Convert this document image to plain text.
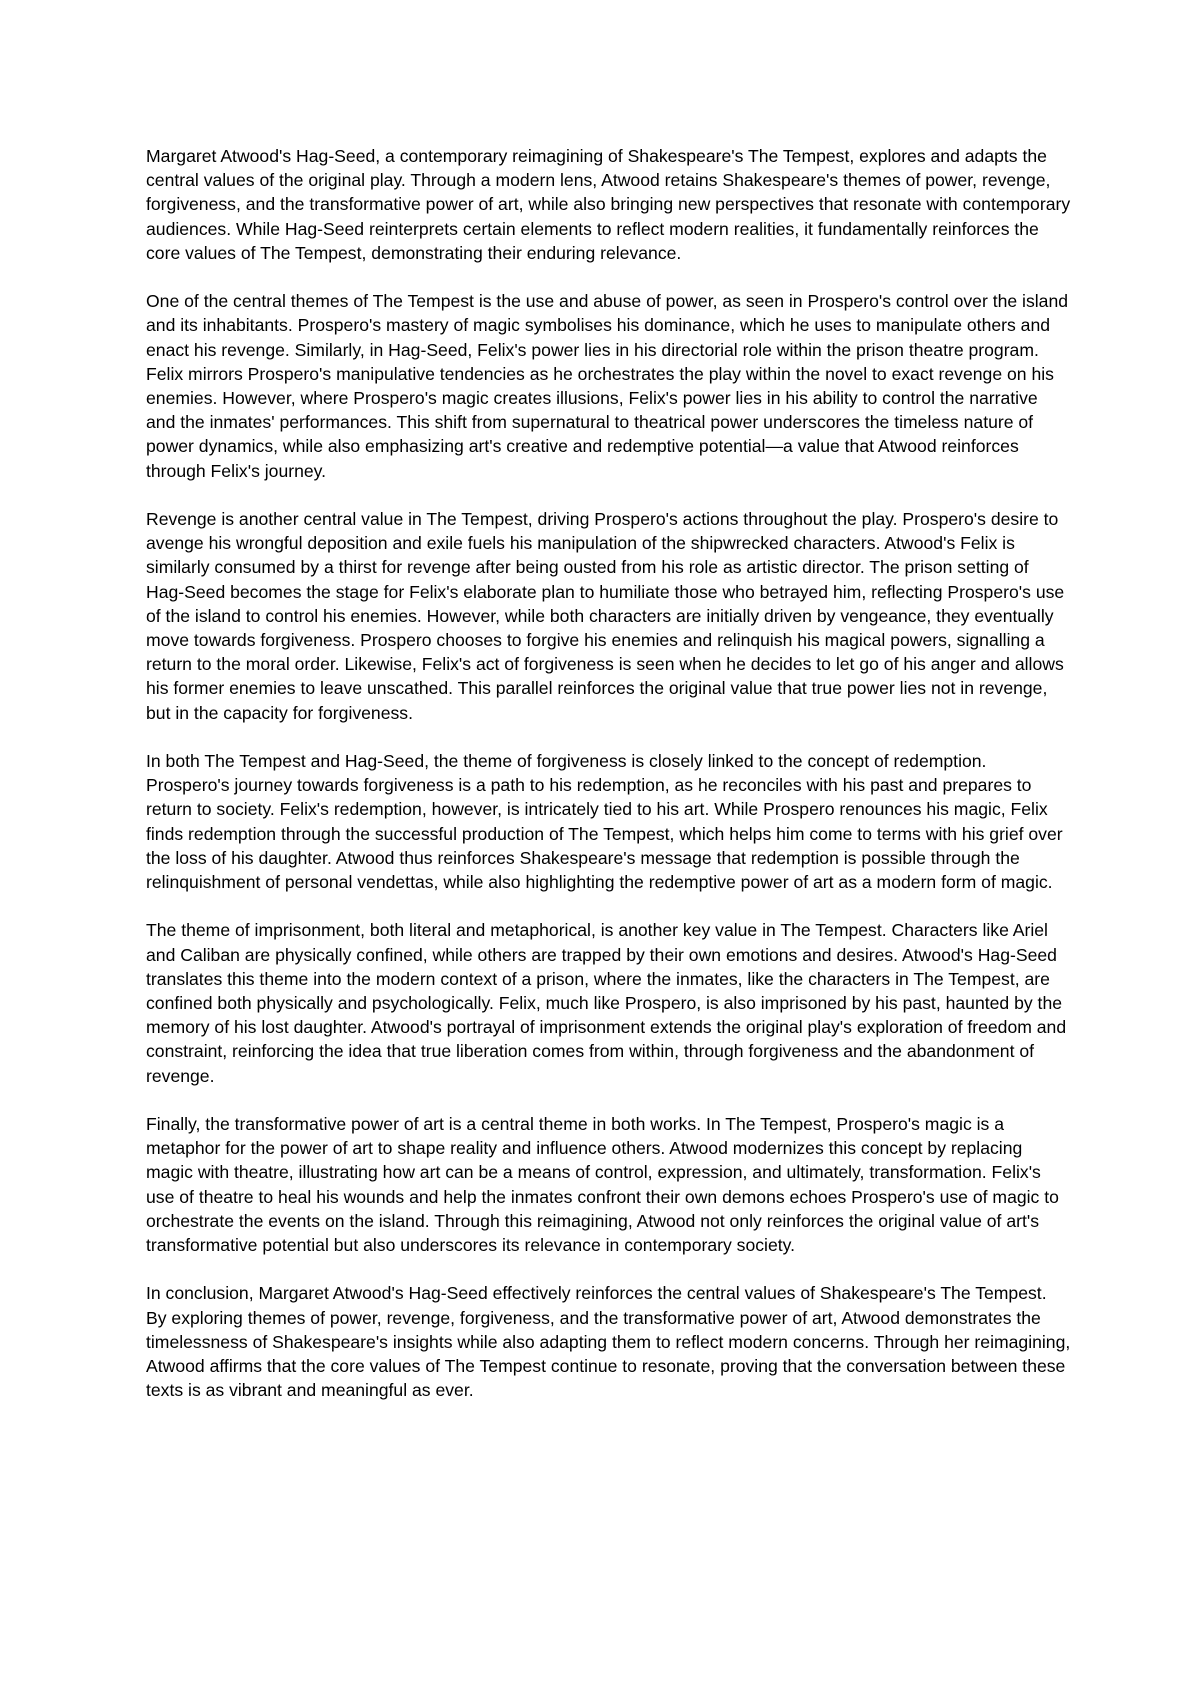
Margaret Atwood's Hag-Seed, a contemporary reimagining of Shakespeare's The Tempest, explores and adapts the central values of the original play. Through a modern lens, Atwood retains Shakespeare's themes of power, revenge, forgiveness, and the transformative power of art, while also bringing new perspectives that resonate with contemporary audiences. While Hag-Seed reinterprets certain elements to reflect modern realities, it fundamentally reinforces the core values of The Tempest, demonstrating their enduring relevance.

One of the central themes of The Tempest is the use and abuse of power, as seen in Prospero's control over the island and its inhabitants. Prospero's mastery of magic symbolises his dominance, which he uses to manipulate others and enact his revenge. Similarly, in Hag-Seed, Felix's power lies in his directorial role within the prison theatre program. Felix mirrors Prospero's manipulative tendencies as he orchestrates the play within the novel to exact revenge on his enemies. However, where Prospero's magic creates illusions, Felix's power lies in his ability to control the narrative and the inmates' performances. This shift from supernatural to theatrical power underscores the timeless nature of power dynamics, while also emphasizing art's creative and redemptive potential—a value that Atwood reinforces through Felix's journey.

Revenge is another central value in The Tempest, driving Prospero's actions throughout the play. Prospero's desire to avenge his wrongful deposition and exile fuels his manipulation of the shipwrecked characters. Atwood's Felix is similarly consumed by a thirst for revenge after being ousted from his role as artistic director. The prison setting of Hag-Seed becomes the stage for Felix's elaborate plan to humiliate those who betrayed him, reflecting Prospero's use of the island to control his enemies. However, while both characters are initially driven by vengeance, they eventually move towards forgiveness. Prospero chooses to forgive his enemies and relinquish his magical powers, signalling a return to the moral order. Likewise, Felix's act of forgiveness is seen when he decides to let go of his anger and allows his former enemies to leave unscathed. This parallel reinforces the original value that true power lies not in revenge, but in the capacity for forgiveness.

In both The Tempest and Hag-Seed, the theme of forgiveness is closely linked to the concept of redemption. Prospero's journey towards forgiveness is a path to his redemption, as he reconciles with his past and prepares to return to society. Felix's redemption, however, is intricately tied to his art. While Prospero renounces his magic, Felix finds redemption through the successful production of The Tempest, which helps him come to terms with his grief over the loss of his daughter. Atwood thus reinforces Shakespeare's message that redemption is possible through the relinquishment of personal vendettas, while also highlighting the redemptive power of art as a modern form of magic.

The theme of imprisonment, both literal and metaphorical, is another key value in The Tempest. Characters like Ariel and Caliban are physically confined, while others are trapped by their own emotions and desires. Atwood's Hag-Seed translates this theme into the modern context of a prison, where the inmates, like the characters in The Tempest, are confined both physically and psychologically. Felix, much like Prospero, is also imprisoned by his past, haunted by the memory of his lost daughter. Atwood's portrayal of imprisonment extends the original play's exploration of freedom and constraint, reinforcing the idea that true liberation comes from within, through forgiveness and the abandonment of revenge.

Finally, the transformative power of art is a central theme in both works. In The Tempest, Prospero's magic is a metaphor for the power of art to shape reality and influence others. Atwood modernizes this concept by replacing magic with theatre, illustrating how art can be a means of control, expression, and ultimately, transformation. Felix's use of theatre to heal his wounds and help the inmates confront their own demons echoes Prospero's use of magic to orchestrate the events on the island. Through this reimagining, Atwood not only reinforces the original value of art's transformative potential but also underscores its relevance in contemporary society.

In conclusion, Margaret Atwood's Hag-Seed effectively reinforces the central values of Shakespeare's The Tempest. By exploring themes of power, revenge, forgiveness, and the transformative power of art, Atwood demonstrates the timelessness of Shakespeare's insights while also adapting them to reflect modern concerns. Through her reimagining, Atwood affirms that the core values of The Tempest continue to resonate, proving that the conversation between these texts is as vibrant and meaningful as ever.
